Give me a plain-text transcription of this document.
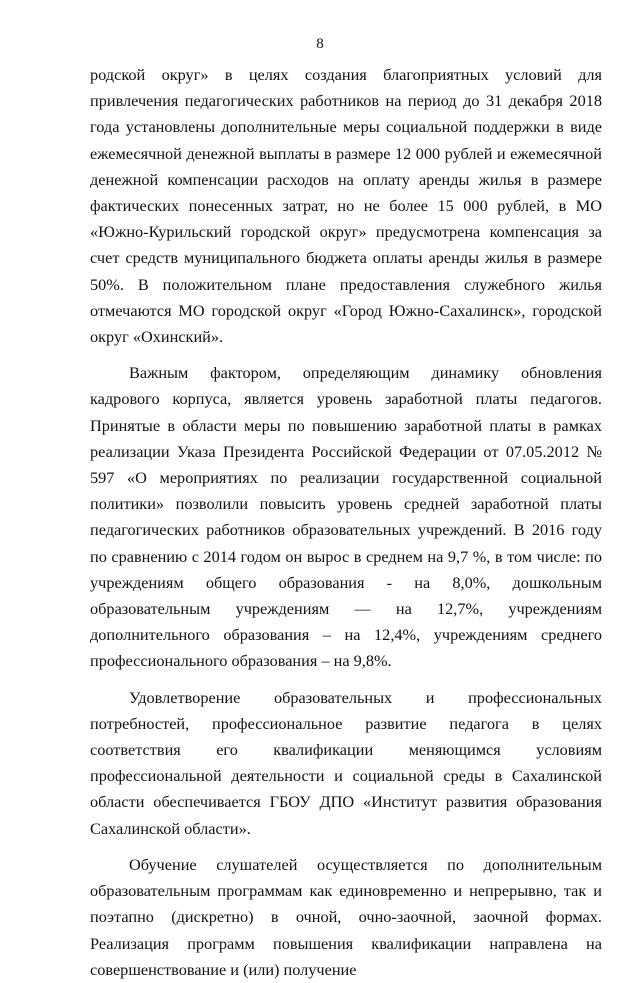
8

родской округ» в целях создания благоприятных условий для привлечения педагогических работников на период до 31 декабря 2018 года установлены дополнительные меры социальной поддержки в виде ежемесячной денежной выплаты в размере 12 000 рублей и ежемесячной денежной компенсации расходов на оплату аренды жилья в размере фактических понесенных затрат, но не более 15 000 рублей, в МО «Южно-Курильский городской округ» предусмотрена компенсация за счет средств муниципального бюджета оплаты аренды жилья в размере 50%. В положительном плане предоставления служебного жилья отмечаются МО городской округ «Город Южно-Сахалинск», городской округ «Охинский».

Важным фактором, определяющим динамику обновления кадрового корпуса, является уровень заработной платы педагогов. Принятые в области меры по повышению заработной платы в рамках реализации Указа Президента Российской Федерации от 07.05.2012 № 597 «О мероприятиях по реализации государственной социальной политики» позволили повысить уровень средней заработной платы педагогических работников образовательных учреждений. В 2016 году по сравнению с 2014 годом он вырос в среднем на 9,7 %, в том числе: по учреждениям общего образования - на 8,0%, дошкольным образовательным учреждениям — на 12,7%, учреждениям дополнительного образования – на 12,4%, учреждениям среднего профессионального образования – на 9,8%.

Удовлетворение образовательных и профессиональных потребностей, профессиональное развитие педагога в целях соответствия его квалификации меняющимся условиям профессиональной деятельности и социальной среды в Сахалинской области обеспечивается ГБОУ ДПО «Институт развития образования Сахалинской области».

Обучение слушателей осуществляется по дополнительным образовательным программам как единовременно и непрерывно, так и поэтапно (дискретно) в очной, очно-заочной, заочной формах. Реализация программ повышения квалификации направлена на совершенствование и (или) получение
